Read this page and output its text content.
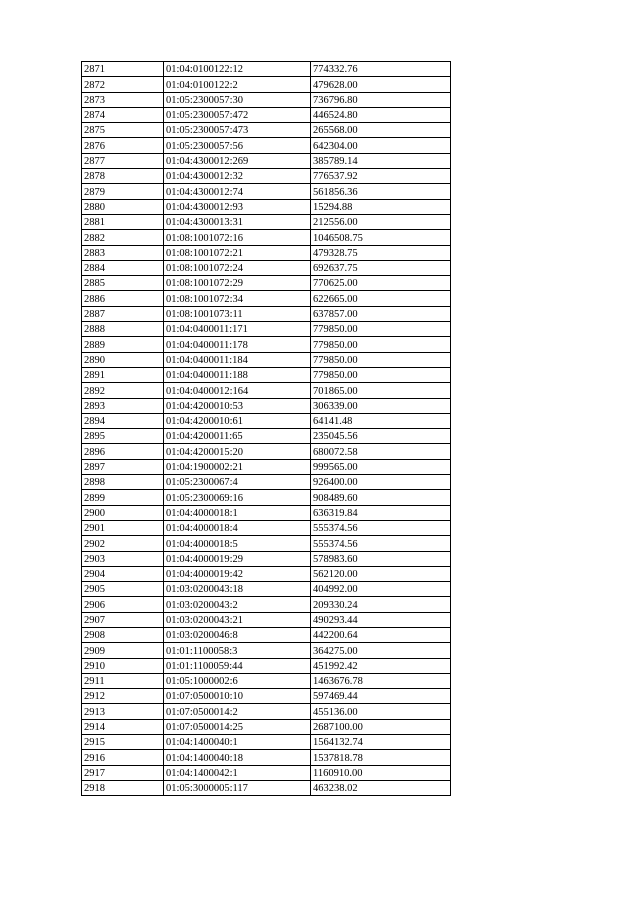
2871	01:04:0100122:12	774332.76
2872	01:04:0100122:2	479628.00
2873	01:05:2300057:30	736796.80
2874	01:05:2300057:472	446524.80
2875	01:05:2300057:473	265568.00
2876	01:05:2300057:56	642304.00
2877	01:04:4300012:269	385789.14
2878	01:04:4300012:32	776537.92
2879	01:04:4300012:74	561856.36
2880	01:04:4300012:93	15294.88
2881	01:04:4300013:31	212556.00
2882	01:08:1001072:16	1046508.75
2883	01:08:1001072:21	479328.75
2884	01:08:1001072:24	692637.75
2885	01:08:1001072:29	770625.00
2886	01:08:1001072:34	622665.00
2887	01:08:1001073:11	637857.00
2888	01:04:0400011:171	779850.00
2889	01:04:0400011:178	779850.00
2890	01:04:0400011:184	779850.00
2891	01:04:0400011:188	779850.00
2892	01:04:0400012:164	701865.00
2893	01:04:4200010:53	306339.00
2894	01:04:4200010:61	64141.48
2895	01:04:4200011:65	235045.56
2896	01:04:4200015:20	680072.58
2897	01:04:1900002:21	999565.00
2898	01:05:2300067:4	926400.00
2899	01:05:2300069:16	908489.60
2900	01:04:4000018:1	636319.84
2901	01:04:4000018:4	555374.56
2902	01:04:4000018:5	555374.56
2903	01:04:4000019:29	578983.60
2904	01:04:4000019:42	562120.00
2905	01:03:0200043:18	404992.00
2906	01:03:0200043:2	209330.24
2907	01:03:0200043:21	490293.44
2908	01:03:0200046:8	442200.64
2909	01:01:1100058:3	364275.00
2910	01:01:1100059:44	451992.42
2911	01:05:1000002:6	1463676.78
2912	01:07:0500010:10	597469.44
2913	01:07:0500014:2	455136.00
2914	01:07:0500014:25	2687100.00
2915	01:04:1400040:1	1564132.74
2916	01:04:1400040:18	1537818.78
2917	01:04:1400042:1	1160910.00
2918	01:05:3000005:117	463238.02
